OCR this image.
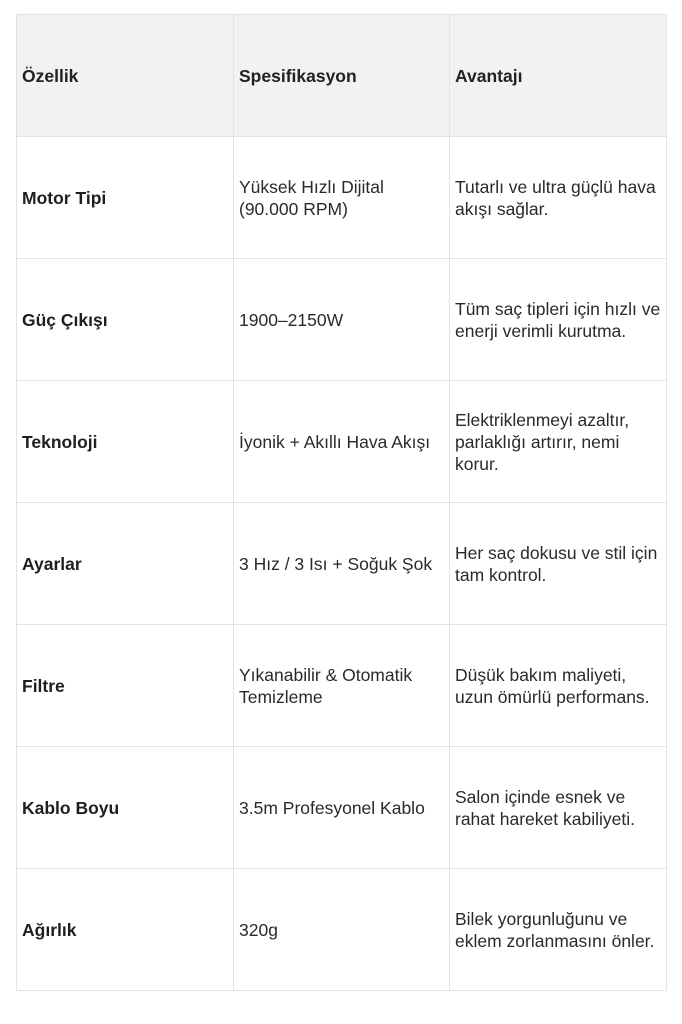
Özellik	Spesifikasyon	Avantajı
Motor Tipi	Yüksek Hızlı Dijital (90.000 RPM)	Tutarlı ve ultra güçlü hava akışı sağlar.
Güç Çıkışı	1900–2150W	Tüm saç tipleri için hızlı ve enerji verimli kurutma.
Teknoloji	İyonik + Akıllı Hava Akışı	Elektriklenmeyi azaltır, parlaklığı artırır, nemi korur.
Ayarlar	3 Hız / 3 Isı + Soğuk Şok	Her saç dokusu ve stil için tam kontrol.
Filtre	Yıkanabilir & Otomatik Temizleme	Düşük bakım maliyeti, uzun ömürlü performans.
Kablo Boyu	3.5m Profesyonel Kablo	Salon içinde esnek ve rahat hareket kabiliyeti.
Ağırlık	320g	Bilek yorgunluğunu ve eklem zorlanmasını önler.
